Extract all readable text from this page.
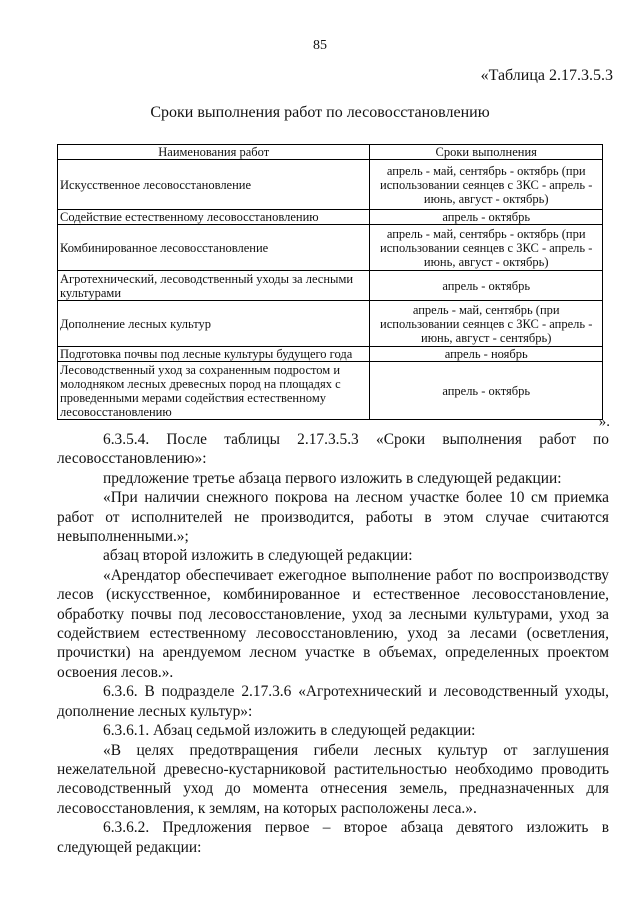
85
«Таблица 2.17.3.5.3
Сроки выполнения работ по лесовосстановлению
Наименования работ	Сроки выполнения
Искусственное лесовосстановление	апрель - май, сентябрь - октябрь (при использовании сеянцев с ЗКС - апрель - июнь, август - октябрь)
Содействие естественному лесовосстановлению	апрель - октябрь
Комбинированное лесовосстановление	апрель - май, сентябрь - октябрь (при использовании сеянцев с ЗКС - апрель - июнь, август - октябрь)
Агротехнический, лесоводственный уходы за лесными культурами	апрель - октябрь
Дополнение лесных культур	апрель - май, сентябрь (при использовании сеянцев с ЗКС - апрель - июнь, август - сентябрь)
Подготовка почвы под лесные культуры будущего года	апрель - ноябрь
Лесоводственный уход за сохраненным подростом и молодняком лесных древесных пород на площадях с проведенными мерами содействия естественному лесовосстановлению	апрель - октябрь
».

6.3.5.4. После таблицы 2.17.3.5.3 «Сроки выполнения работ по лесовосстановлению»:

предложение третье абзаца первого изложить в следующей редакции:

«При наличии снежного покрова на лесном участке более 10 см приемка работ от исполнителей не производится, работы в этом случае считаются невыполненными.»;

абзац второй изложить в следующей редакции:

«Арендатор обеспечивает ежегодное выполнение работ по воспроизводству лесов (искусственное, комбинированное и естественное лесовосстановление, обработку почвы под лесовосстановление, уход за лесными культурами, уход за содействием естественному лесовосстановлению, уход за лесами (осветления, прочистки) на арендуемом лесном участке в объемах, определенных проектом освоения лесов.».

6.3.6. В подразделе 2.17.3.6 «Агротехнический и лесоводственный уходы, дополнение лесных культур»:

6.3.6.1. Абзац седьмой изложить в следующей редакции:

«В целях предотвращения гибели лесных культур от заглушения нежелательной древесно-кустарниковой растительностью необходимо проводить лесоводственный уход до момента отнесения земель, предназначенных для лесовосстановления, к землям, на которых расположены леса.».

6.3.6.2. Предложения первое – второе абзаца девятого изложить в следующей редакции:
